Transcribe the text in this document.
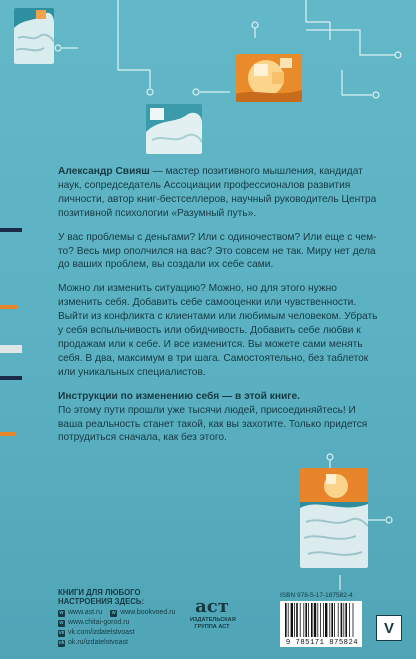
Александр Свияш — мастер позитивного мышления, кандидат наук, сопредседатель Ассоциации профессионалов развития личности, автор книг-бестселлеров, научный руководитель Центра позитивной психологии «Разумный путь».

У вас проблемы с деньгами? Или с одиночеством? Или еще с чем-то? Весь мир ополчился на вас? Это совсем не так. Миру нет дела до ваших проблем, вы создали их себе сами.

Можно ли изменить ситуацию? Можно, но для этого нужно изменить себя. Добавить себе самооценки или чувственности. Выйти из конфликта с клиентами или любимым человеком. Убрать у себя вспыльчивость или обидчивость. Добавить себе любви к продажам или к себе. И все изменится. Вы можете сами менять себя. В два, максимум в три шага. Самостоятельно, без таблеток или уникальных специалистов.

Инструкции по изменению себя — в этой книге.
По этому пути прошли уже тысячи людей, присоединяйтесь! И ваша реальность станет такой, как вы захотите. Только придется потрудиться сначала, как без этого.

КНИГИ ДЛЯ ЛЮБОГО НАСТРОЕНИЯ ЗДЕСЬ:
w www.ast.ru
	w www.bookvoed.ru
w www.chitai-gorod.ru
vk vk.com/izdatelstvoast
ok ok.ru/izdatelstvoast
аст
ИЗДАТЕЛЬСКАЯ
ГРУППА АСТ
ISBN 978-5-17-187582-4
9 785171 875824
V
